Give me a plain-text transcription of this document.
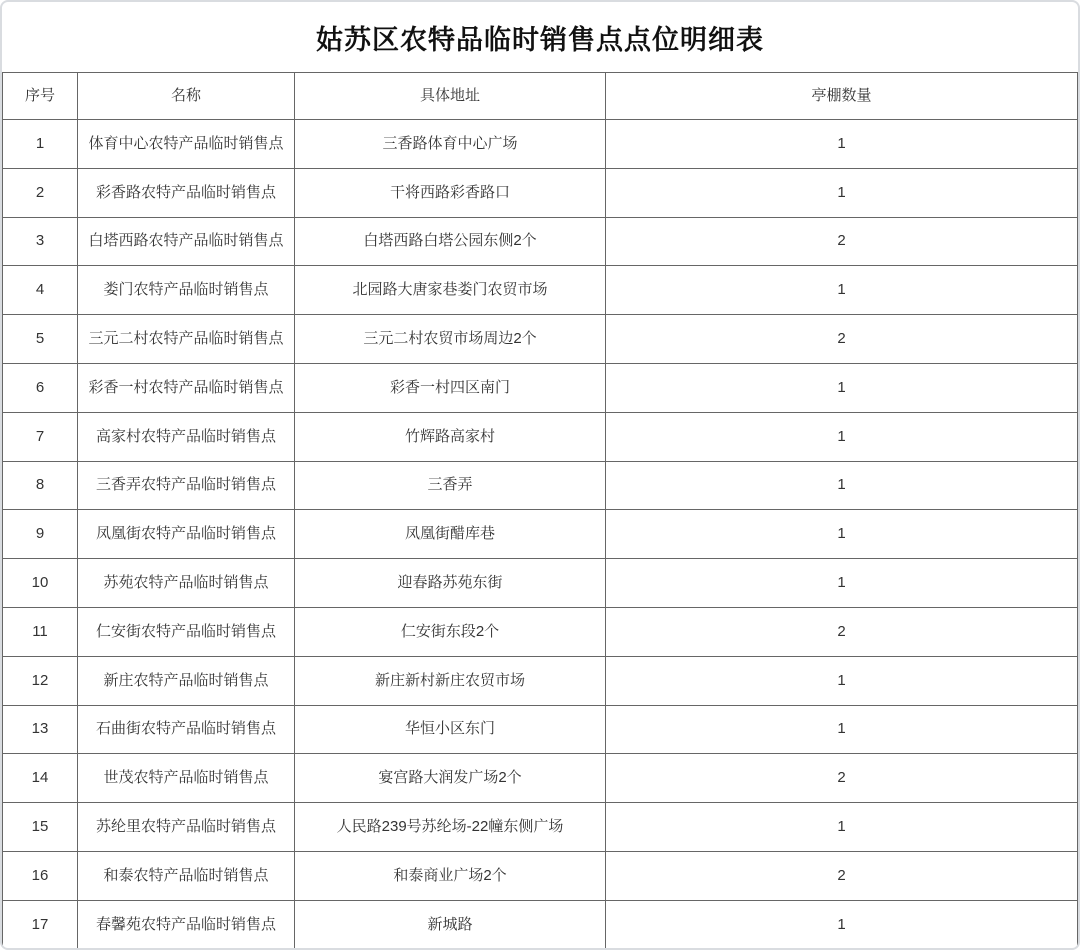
姑苏区农特品临时销售点点位明细表
序号	名称	具体地址	亭棚数量
1	体育中心农特产品临时销售点	三香路体育中心广场	1
2	彩香路农特产品临时销售点	干将西路彩香路口	1
3	白塔西路农特产品临时销售点	白塔西路白塔公园东侧2个	2
4	娄门农特产品临时销售点	北园路大唐家巷娄门农贸市场	1
5	三元二村农特产品临时销售点	三元二村农贸市场周边2个	2
6	彩香一村农特产品临时销售点	彩香一村四区南门	1
7	高家村农特产品临时销售点	竹辉路高家村	1
8	三香弄农特产品临时销售点	三香弄	1
9	凤凰街农特产品临时销售点	凤凰街醋库巷	1
10	苏苑农特产品临时销售点	迎春路苏苑东街	1
11	仁安街农特产品临时销售点	仁安街东段2个	2
12	新庄农特产品临时销售点	新庄新村新庄农贸市场	1
13	石曲街农特产品临时销售点	华恒小区东门	1
14	世茂农特产品临时销售点	宴宫路大润发广场2个	2
15	苏纶里农特产品临时销售点	人民路239号苏纶场-22幢东侧广场	1
16	和泰农特产品临时销售点	和泰商业广场2个	2
17	春馨苑农特产品临时销售点	新城路	1
